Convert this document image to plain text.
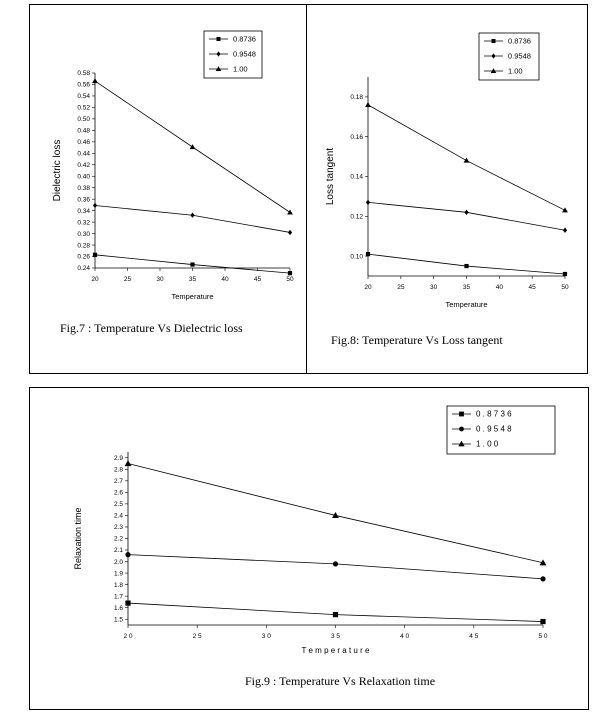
0.24
0.26
0.28
0.30
0.32
0.34
0.36
0.38
0.40
0.42
0.44
0.46
0.48
0.50
0.52
0.54
0.56
0.58
20	25	30	35	40	45	50
Temperature
Dielectric loss
0.8736
0.9548
1.00
0.10
0.12
0.14
0.16
0.18
20	25	30	35	40	45	50
Temperature
Loss tangent
0.8736
0.9548
1.00
1.5
1.6
1.7
1.8
1.9
2.0
2.1
2.2
2.3
2.4
2.5
2.6
2.7
2.8
2.9
2 0	2 5	3 0	3 5	4 0	4 5	5 0
T e m p e r a t u r e
Relaxation time
0 . 8 7 3 6
0 . 9 5 4 8
1 . 0 0
Fig.7 : Temperature Vs Dielectric loss
Fig.8: Temperature Vs Loss tangent
Fig.9 : Temperature Vs Relaxation time
